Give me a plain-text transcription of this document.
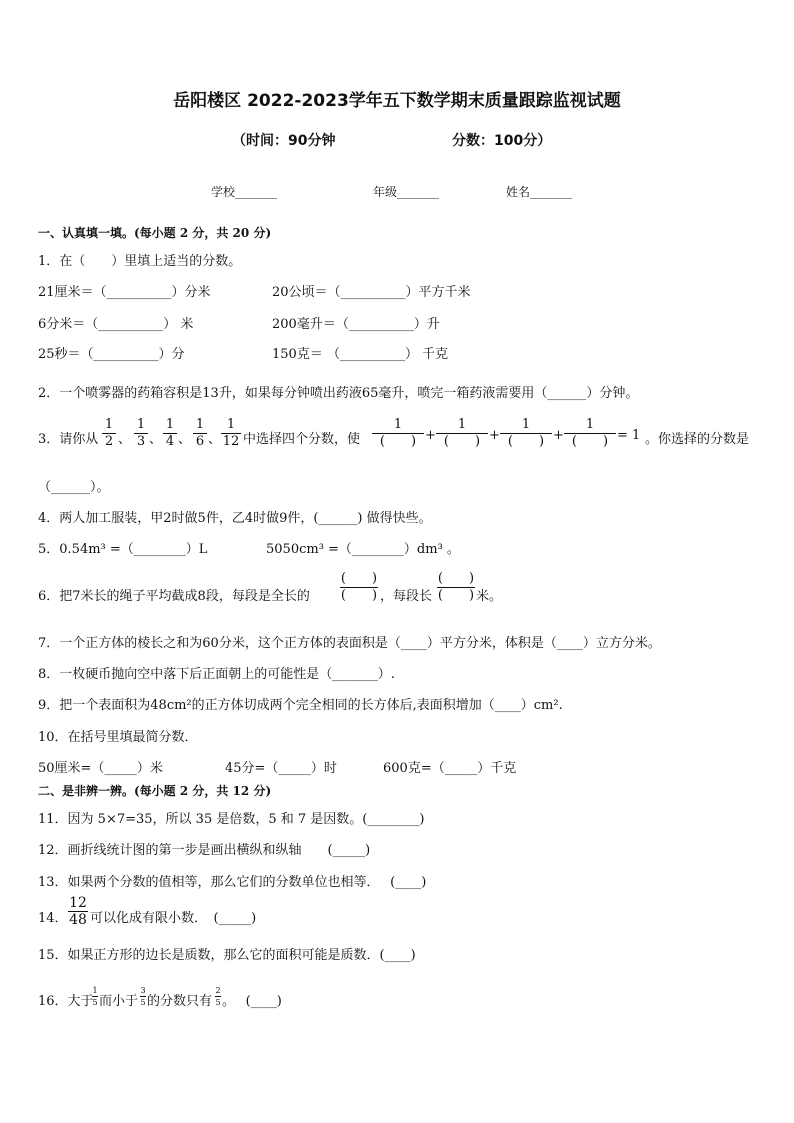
岳阳楼区 2022-2023学年五下数学期末质量跟踪监视试题
（时间：90分钟	分数：100分）
学校_______	年级_______	姓名_______
一、认真填一填。(每小题 2 分，共 20 分)
1．在（　　）里填上适当的分数。
21厘米＝（__________）分米	20公顷＝（__________）平方千米
6分米＝（__________） 米	200毫升＝（__________）升
25秒＝（__________）分	150克＝ （__________） 千克
2．一个喷雾器的药箱容积是13升，如果每分钟喷出药液65毫升，喷完一箱药液需要用（______）分钟。
3．请你从
1
2 、
1
3 、
1
4 、
1
6 、
1
12 中选择四个分数，使
1
(　　) +
1
(　　) +
1
(　　) +
1
(　　) = 1 。你选择的分数是
（______）。
4．两人加工服装，甲2时做5件，乙4时做9件，(______) 做得快些。
5．0.54m³ =（________）L	5050cm³ =（________）dm³ 。
6．把7米长的绳子平均截成8段，每段是全长的
(　　)
(　　) ，每段长
(　　)
(　　) 米。
7．一个正方体的棱长之和为60分米，这个正方体的表面积是（____）平方分米，体积是（____）立方分米。
8．一枚硬币抛向空中落下后正面朝上的可能性是（_______）.
9．把一个表面积为48cm²的正方体切成两个完全相同的长方体后,表面积增加（____）cm².
10．在括号里填最简分数．
50厘米=（_____）米	45分=（_____）时	600克=（_____）千克
二、是非辨一辨。(每小题 2 分，共 12 分)
11．因为 5×7=35，所以 35 是倍数，5 和 7 是因数。(________)
12．画折线统计图的第一步是画出横纵和纵轴　　(_____)
13．如果两个分数的值相等，那么它们的分数单位也相等．　 (____)
14．
12
48 可以化成有限小数．　(_____)
15．如果正方形的边长是质数，那么它的面积可能是质数．(____)
16．大于
1
5 而小于
3
5 的分数只有
2
5 。　 (____)
